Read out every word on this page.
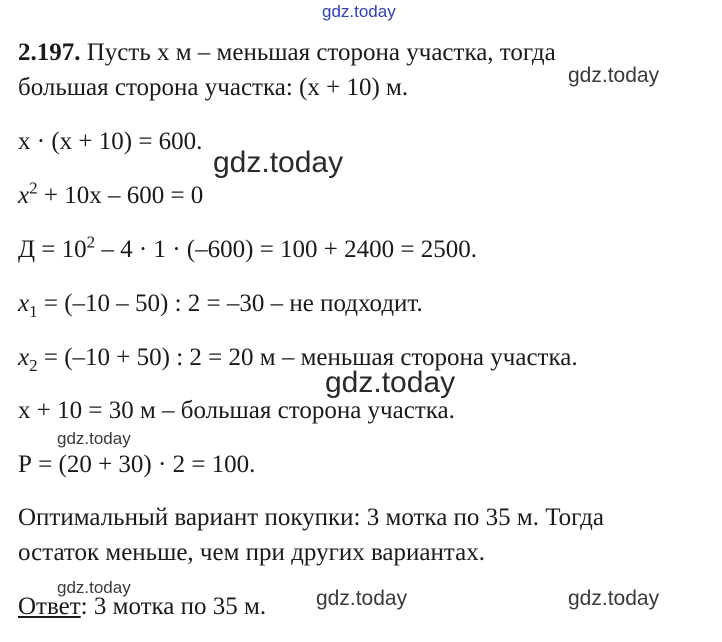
gdz.today
gdz.today
gdz.today
gdz.today
gdz.today
gdz.today	gdz.today	gdz.today
2.197. Пусть х м – меньшая сторона участка, тогда
большая сторона участка: (х + 10) м.
х · (х + 10) = 600.
$x^2 + 10х - 600 = 0$
$Д = 10^2 - 4 \cdot 1 \cdot (-600) = 100 + 2400 = 2500$.
$x_1 = (-10 - 50)$ : 2 = –30 – не подходит.
$x_2 = (-10 + 50)$ : 2 = 20 м – меньшая сторона участка.
х + 10 = 30 м – большая сторона участка.
Р = (20 + 30) · 2 = 100.
Оптимальный вариант покупки: 3 мотка по 35 м. Тогда
остаток меньше, чем при других вариантах.
Ответ: 3 мотка по 35 м.
